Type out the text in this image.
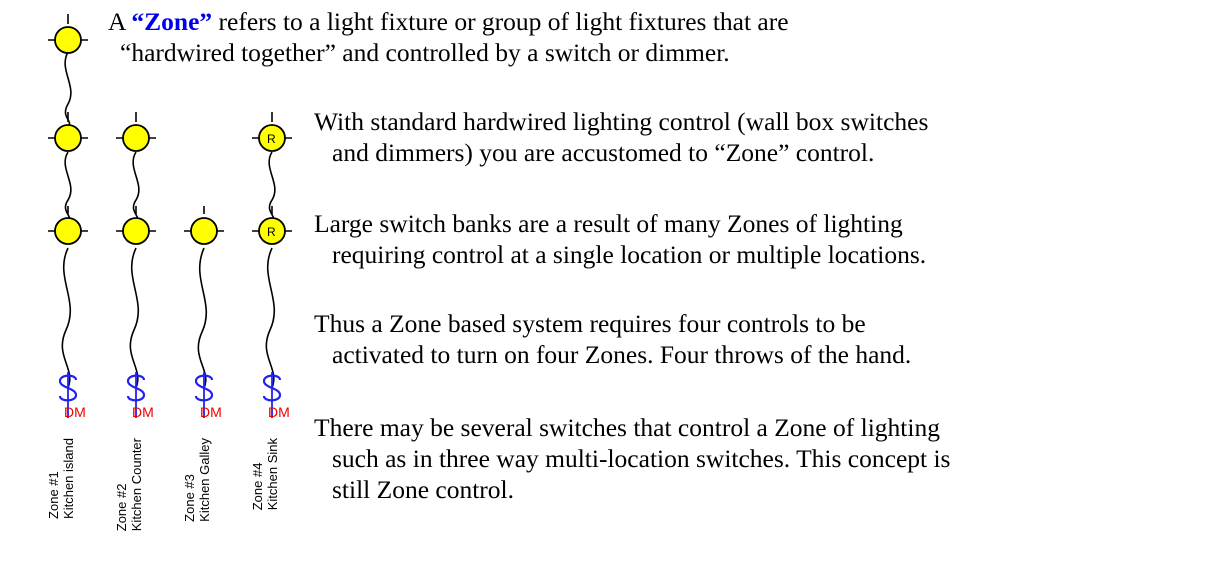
DM	DM	DM
R
R
DM
Zone #1 Kitchen island	Zone #2 Kitchen Counter	Zone #3 Kitchen Galley	Zone #4 Kitchen Sink
A “Zone” refers to a light fixture or group of light fixtures that are
“hardwired together” and controlled by a switch or dimmer.
With standard hardwired lighting control (wall box switches
and dimmers) you are accustomed to “Zone” control.
Large switch banks are a result of many Zones of lighting
requiring control at a single location or multiple locations.
Thus a Zone based system requires four controls to be
activated to turn on four Zones. Four throws of the hand.
There may be several switches that control a Zone of lighting
such as in three way multi-location switches. This concept is
still Zone control.
